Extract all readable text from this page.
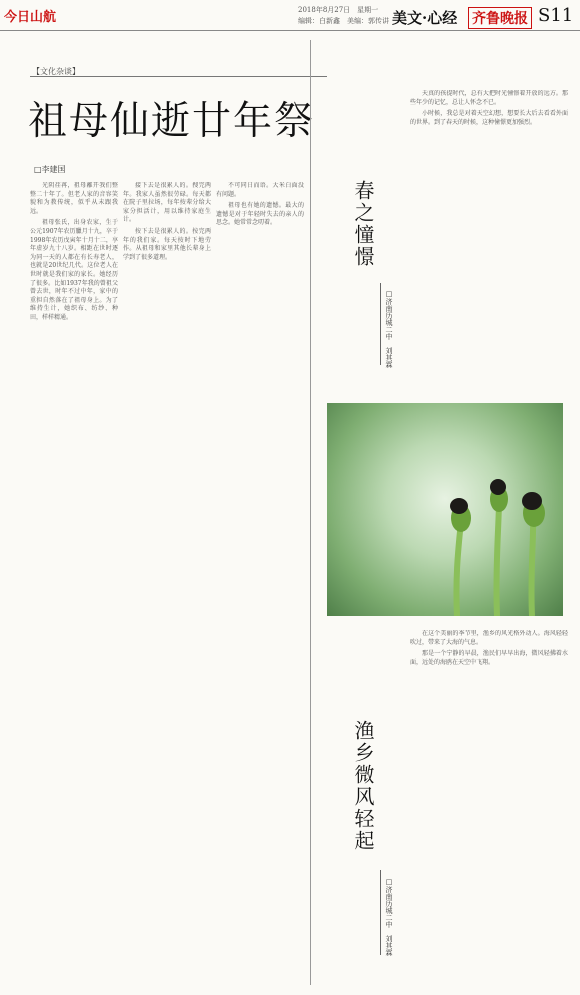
今日山航	2018年8月27日　星期一
编辑：白新鑫　美编：郭传讲 美文·心经 齐鲁晚报 S11
【文化杂谈】
祖母仙逝廿年祭
□李建国

光阴荏苒，祖母離开我们整整二十年了。但老人家的音容笑貌和为教传统，似乎从未跟我远。

祖母张氏，出身农家，生于公元1907年农历臘月十九，卒于1998年农历戊寅年十月十二，享年虚岁九十八岁。相距在世时逐为同一天的人都在有长寿老人，也就是20世纪几代。这位老人在世时就是我们家的家长。她经历了很多。比如1937年我的曾祖父曾去世，时年不过中年，家中的重担自然落在了祖母身上。为了维持生计，她织布、纺纱、种田，样样精通。

接下去是很累人的。搜完两年。我家人虽然很劳碌。每天都在院子里拉场，每年按辈分给大家分担活计，用以维持家庭生计。

按下去是很累人的。按完两年的我们家。每天按时下地劳作。从祖母和家里其他长辈身上学到了很多道理。

不可同日而语。大米白面没有问题。

祖母也有她的遗憾。最大的遗憾是对于年轻时失去的亲人的思念。她常常念叨着。	春之憧憬
□济南历城二中　刘其霖

天真的孩提时代，总有大把时光憧憬着开放的远方。那些年少的记忆，总让人怀念不已。

小时候，我总是对着天空幻想，想要长大后去看看外面的世界。到了春天的时候，这种憧憬更加强烈。

渔乡微风轻起
□济南历城二中　刘其霖

在这个美丽的季节里，渔乡的风光格外动人。海风轻轻吹过，带来了大海的气息。

那是一个宁静的早晨，渔民们早早出海，微风轻拂着水面，远处的海鸥在天空中飞翔。
